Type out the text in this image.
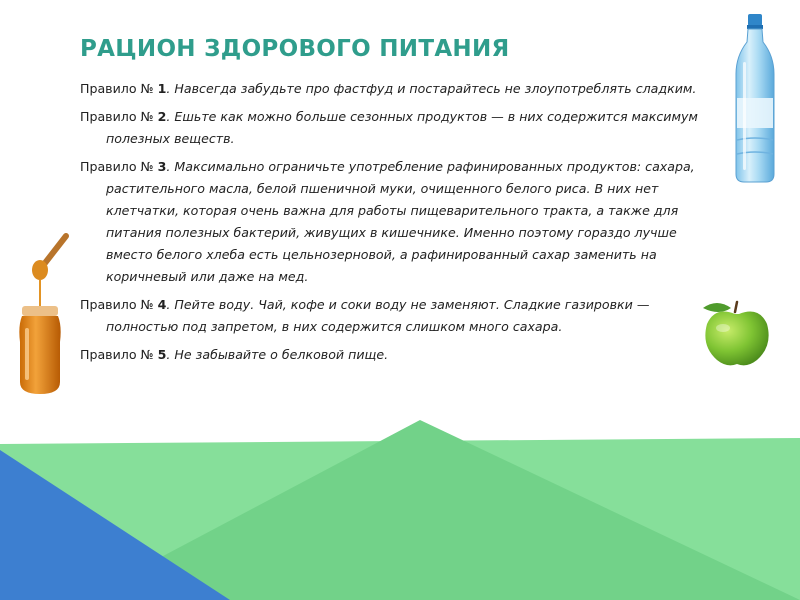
РАЦИОН ЗДОРОВОГО ПИТАНИЯ

Правило № 1. Навсегда забудьте про фастфуд и постарайтесь не злоупотреблять сладким.

Правило № 2. Ешьте как можно больше сезонных продуктов — в них содержится максимум полезных веществ.

Правило № 3. Максимально ограничьте употребление рафинированных продуктов: сахара, растительного масла, белой пшеничной муки, очищенного белого риса. В них нет клетчатки, которая очень важна для работы пищеварительного тракта, а также для питания полезных бактерий, живущих в кишечнике. Именно поэтому гораздо лучше вместо белого хлеба есть цельнозерновой, а рафинированный сахар заменить на коричневый или даже на мед.

Правило № 4. Пейте воду. Чай, кофе и соки воду не заменяют. Сладкие газировки — полностью под запретом, в них содержится слишком много сахара.

Правило № 5. Не забывайте о белковой пище.
